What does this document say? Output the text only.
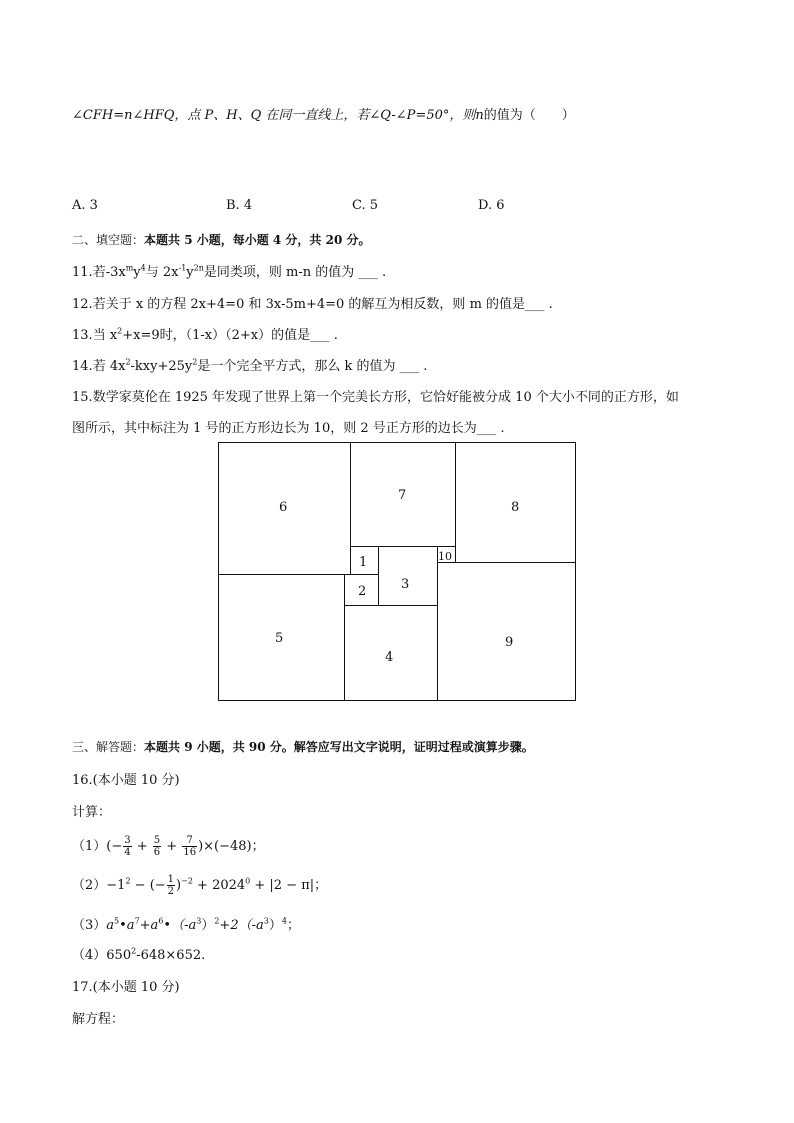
∠CFH=n∠HFQ，点 P、H、Q 在同一直线上，若∠Q-∠P=50°，则n的值为（　　）
A. 3	B. 4	C. 5	D. 6
二、填空题：本题共 5 小题，每小题 4 分，共 20 分。
11.若$-3x^my^4$与 $2x^{-1}y^{2n}$是同类项，则 m-n 的值为 ___ .
12.若关于 x 的方程 2x+4=0 和 3x-5m+4=0 的解互为相反数，则 m 的值是___ .
13.当 $x^2+x=9$时，（1-x）（2+x）的值是___ .
14.若 $4x^2-kxy+25y^2$是一个完全平方式，那么 k 的值为 ___ .
15.数学家莫伦在 1925 年发现了世界上第一个完美长方形，它恰好能被分成 10 个大小不同的正方形，如
图所示，其中标注为 1 号的正方形边长为 10，则 2 号正方形的边长为___ .
6
7
8
1
3
10
2
5
4
9
三、解答题：本题共 9 小题，共 90 分。解答应写出文字说明，证明过程或演算步骤。
16.(本小题 10 分)
计算：
$(1)(- \frac{3}{4} + \frac{5}{6} + \frac{7}{16} )\times(-48)$；
$(2)-1^2$ − (− $\frac{1}{2} )^{-2} + 2024^0 + |2 - \pi|$；
$(3)a^5•a^7+a^6•(-a^3)^2+2(-a^3)^4$；
$(4)650^2-648\times 652$.
17.(本小题 10 分)
解方程：
